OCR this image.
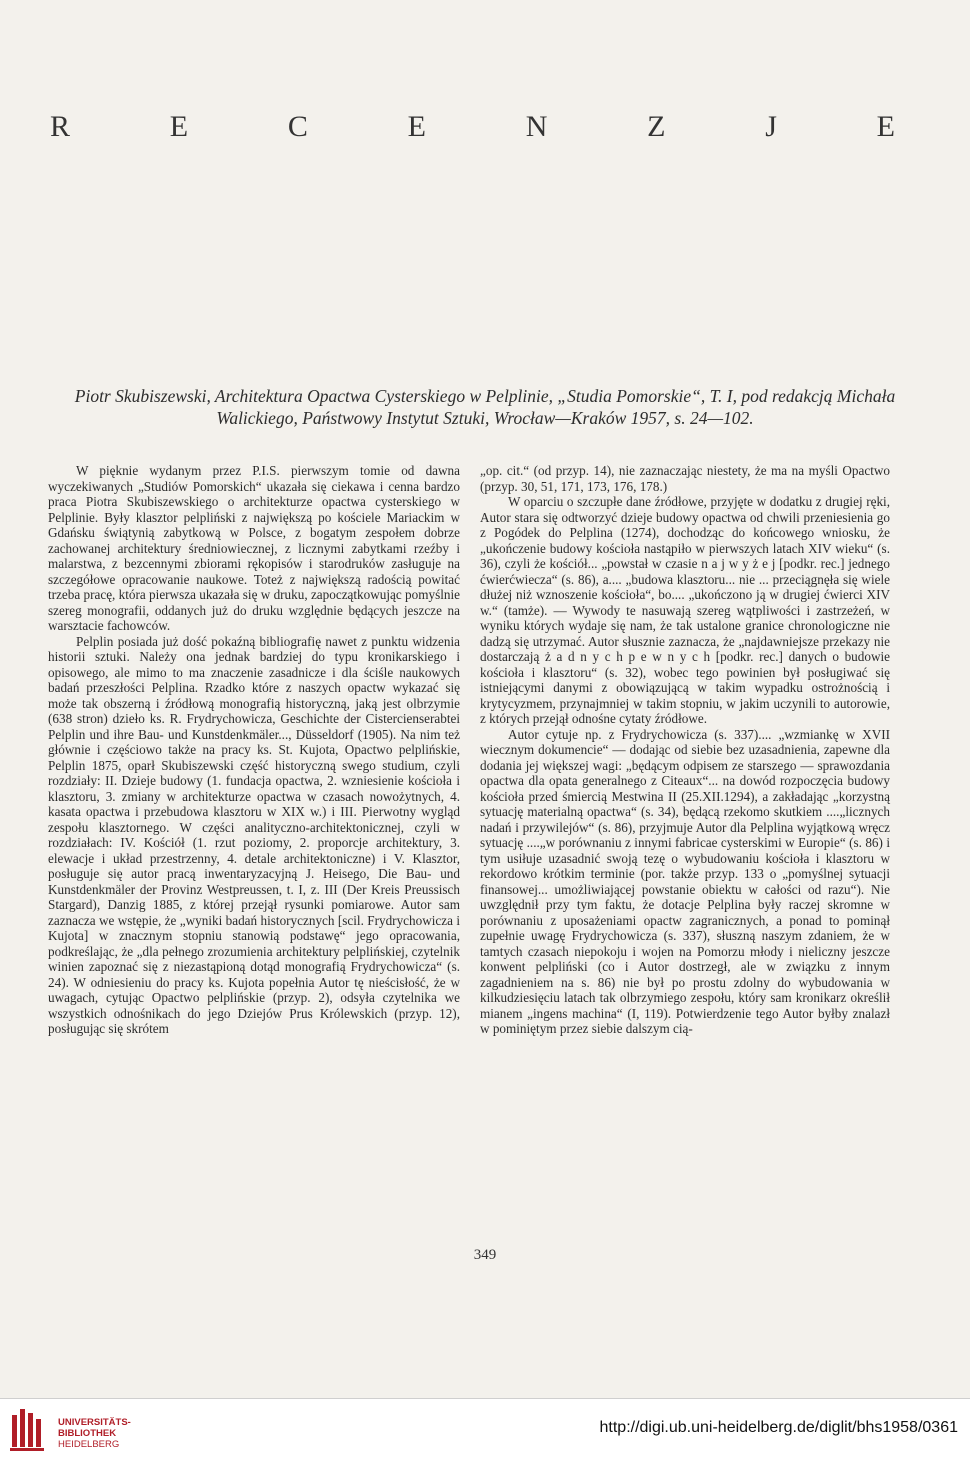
R	E	C	E	N	Z	J	E
Piotr Skubiszewski, Architektura Opactwa Cysterskiego w Pelplinie, „Studia Pomorskie“, T. I, pod redakcją Michała Walickiego, Państwowy Instytut Sztuki, Wrocław—Kraków 1957, s. 24—102.

W pięknie wydanym przez P.I.S. pierwszym tomie od dawna wyczekiwanych „Studiów Pomorskich“ ukazała się ciekawa i cenna bardzo praca Piotra Skubiszewskiego o architekturze opactwa cysterskiego w Pelplinie. Były klasztor pelpliński z największą po kościele Mariackim w Gdańsku świątynią zabytkową w Polsce, z bogatym zespołem dobrze zachowanej architektury średniowiecznej, z licznymi zabytkami rzeźby i malarstwa, z bezcennymi zbiorami rękopisów i starodruków zasługuje na szczegółowe opracowanie naukowe. Toteż z największą radością powitać trzeba pracę, która pierwsza ukazała się w druku, zapoczątkowując pomyślnie szereg monografii, oddanych już do druku względnie będących jeszcze na warsztacie fachowców.

Pelplin posiada już dość pokaźną bibliografię nawet z punktu widzenia historii sztuki. Należy ona jednak bardziej do typu kronikarskiego i opisowego, ale mimo to ma znaczenie zasadnicze i dla ściśle naukowych badań przeszłości Pelplina. Rzadko które z naszych opactw wykazać się może tak obszerną i źródłową monografią historyczną, jaką jest olbrzymie (638 stron) dzieło ks. R. Frydrychowicza, Geschichte der Cistercienserabtei Pelplin und ihre Bau- und Kunstdenkmäler..., Düsseldorf (1905). Na nim też głównie i częściowo także na pracy ks. St. Kujota, Opactwo pelplińskie, Pelplin 1875, oparł Skubiszewski część historyczną swego studium, czyli rozdziały: II. Dzieje budowy (1. fundacja opactwa, 2. wzniesienie kościoła i klasztoru, 3. zmiany w architekturze opactwa w czasach nowożytnych, 4. kasata opactwa i przebudowa klasztoru w XIX w.) i III. Pierwotny wygląd zespołu klasztornego. W części analityczno-architektonicznej, czyli w rozdziałach: IV. Kościół (1. rzut poziomy, 2. proporcje architektury, 3. elewacje i układ przestrzenny, 4. detale architektoniczne) i V. Klasztor, posługuje się autor pracą inwentaryzacyjną J. Heisego, Die Bau- und Kunstdenkmäler der Provinz Westpreussen, t. I, z. III (Der Kreis Preussisch Stargard), Danzig 1885, z której przejął rysunki pomiarowe. Autor sam zaznacza we wstępie, że „wyniki badań historycznych [scil. Frydrychowicza i Kujota] w znacznym stopniu stanowią podstawę“ jego opracowania, podkreślając, że „dla pełnego zrozumienia architektury pelplińskiej, czytelnik winien zapoznać się z niezastąpioną dotąd monografią Frydrychowicza“ (s. 24). W odniesieniu do pracy ks. Kujota popełnia Autor tę nieścisłość, że w uwagach, cytując Opactwo pelplińskie (przyp. 2), odsyła czytelnika we wszystkich odnośnikach do jego Dziejów Prus Królewskich (przyp. 12), posługując się skrótem

„op. cit.“ (od przyp. 14), nie zaznaczając niestety, że ma na myśli Opactwo (przyp. 30, 51, 171, 173, 176, 178.)

W oparciu o szczupłe dane źródłowe, przyjęte w dodatku z drugiej ręki, Autor stara się odtworzyć dzieje budowy opactwa od chwili przeniesienia go z Pogódek do Pelplina (1274), dochodząc do końcowego wniosku, że „ukończenie budowy kościoła nastąpiło w pierwszych latach XIV wieku“ (s. 36), czyli że kościół... „powstał w czasie n a j w y ż e j [podkr. rec.] jednego ćwierćwiecza“ (s. 86), a.... „budowa klasztoru... nie ... przeciągnęła się wiele dłużej niż wznoszenie kościoła“, bo.... „ukończono ją w drugiej ćwierci XIV w.“ (tamże). — Wywody te nasuwają szereg wątpliwości i zastrzeżeń, w wyniku których wydaje się nam, że tak ustalone granice chronologiczne nie dadzą się utrzymać. Autor słusznie zaznacza, że „najdawniejsze przekazy nie dostarczają ż a d n y c h p e w n y c h [podkr. rec.] danych o budowie kościoła i klasztoru“ (s. 32), wobec tego powinien był posługiwać się istniejącymi danymi z obowiązującą w takim wypadku ostrożnością i krytycyzmem, przynajmniej w takim stopniu, w jakim uczynili to autorowie, z których przejął odnośne cytaty źródłowe.

Autor cytuje np. z Frydrychowicza (s. 337).... „wzmiankę w XVII wiecznym dokumencie“ — dodając od siebie bez uzasadnienia, zapewne dla dodania jej większej wagi: „będącym odpisem ze starszego — sprawozdania opactwa dla opata generalnego z Citeaux“... na dowód rozpoczęcia budowy kościoła przed śmiercią Mestwina II (25.XII.1294), a zakładając „korzystną sytuację materialną opactwa“ (s. 34), będącą rzekomo skutkiem ....„licznych nadań i przywilejów“ (s. 86), przyjmuje Autor dla Pelplina wyjątkową wręcz sytuację ....„w porównaniu z innymi fabricae cysterskimi w Europie“ (s. 86) i tym usiłuje uzasadnić swoją tezę o wybudowaniu kościoła i klasztoru w rekordowo krótkim terminie (por. także przyp. 133 o „pomyślnej sytuacji finansowej... umożliwiającej powstanie obiektu w całości od razu“). Nie uwzględnił przy tym faktu, że dotacje Pelplina były raczej skromne w porównaniu z uposażeniami opactw zagranicznych, a ponad to pominął zupełnie uwagę Frydrychowicza (s. 337), słuszną naszym zdaniem, że w tamtych czasach niepokoju i wojen na Pomorzu młody i nieliczny jeszcze konwent pelpliński (co i Autor dostrzegł, ale w związku z innym zagadnieniem na s. 86) nie był po prostu zdolny do wybudowania w kilkudziesięciu latach tak olbrzymiego zespołu, który sam kronikarz określił mianem „ingens machina“ (I, 119). Potwierdzenie tego Autor byłby znalazł w pominiętym przez siebie dalszym cią-

349
UNIVERSITÄTS-
BIBLIOTHEK
HEIDELBERG
http://digi.ub.uni-heidelberg.de/diglit/bhs1958/0361
